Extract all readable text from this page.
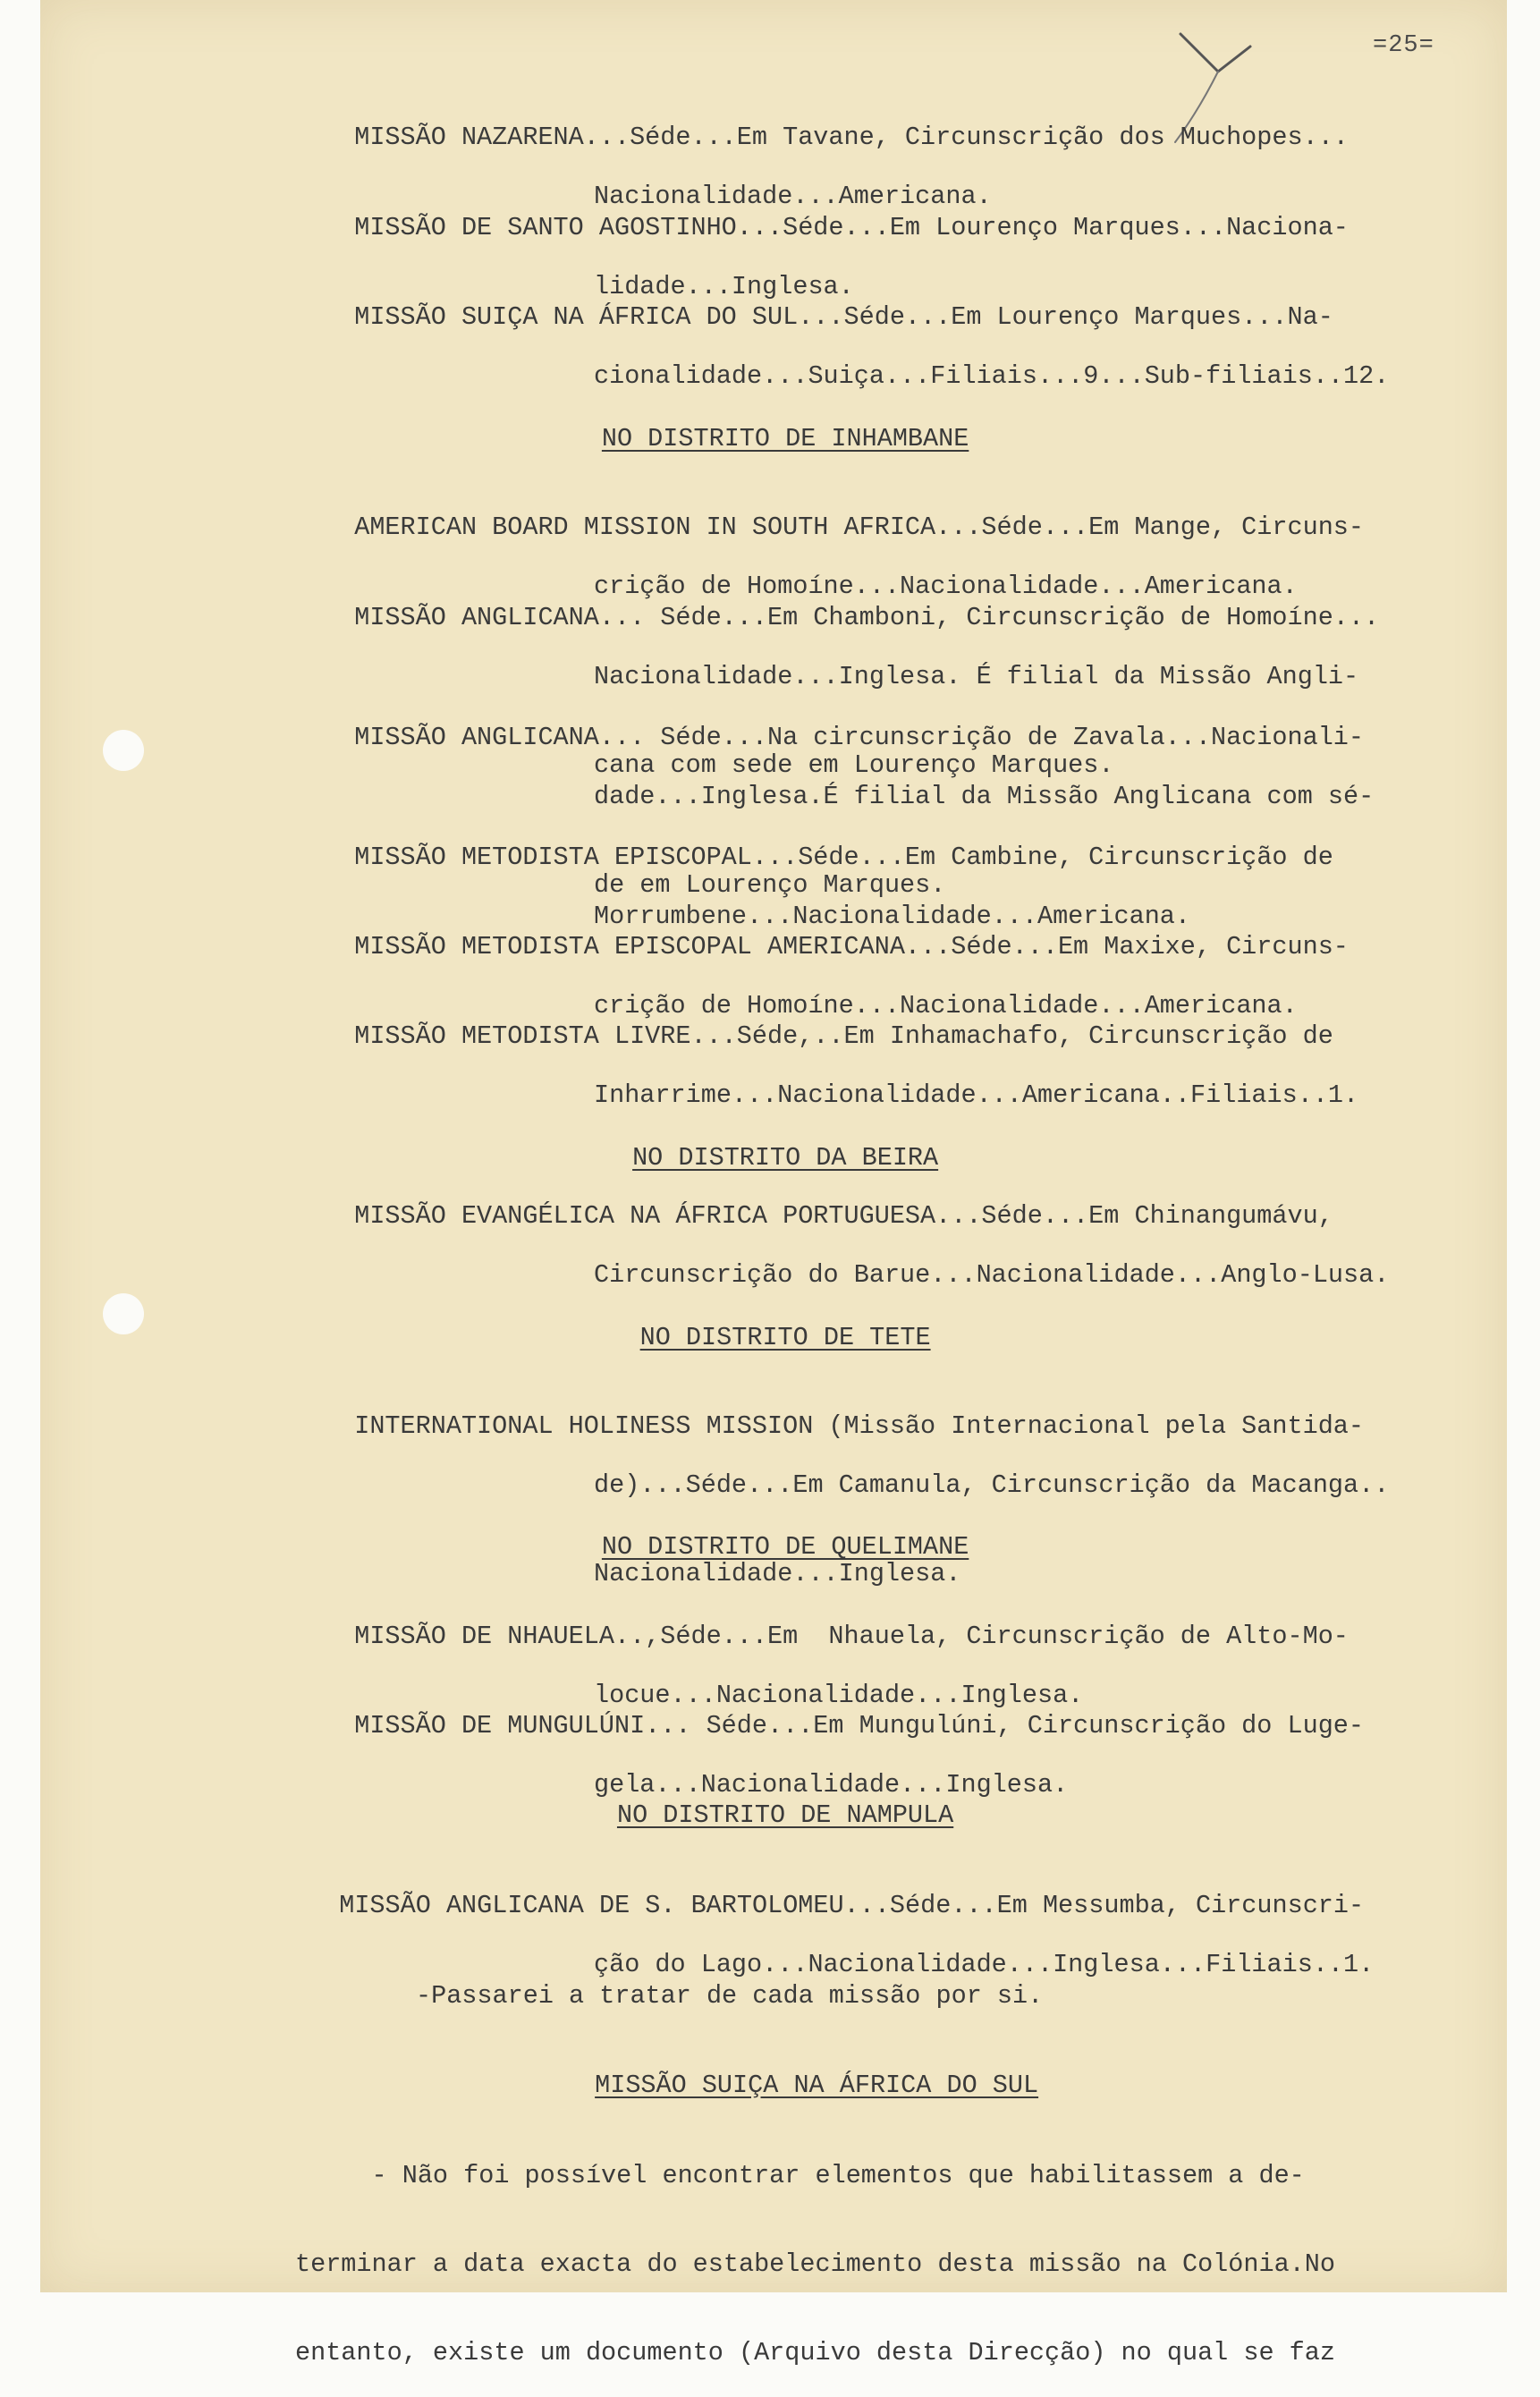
=25=

MISSÃO NAZARENA...Séde...Em Tavane, Circunscrição dos Muchopes...

Nacionalidade...Americana.

MISSÃO DE SANTO AGOSTINHO...Séde...Em Lourenço Marques...Naciona-

lidade...Inglesa.

MISSÃO SUIÇA NA ÁFRICA DO SUL...Séde...Em Lourenço Marques...Na-

cionalidade...Suiça...Filiais...9...Sub-filiais..12.

NO DISTRITO DE INHAMBANE

AMERICAN BOARD MISSION IN SOUTH AFRICA...Séde...Em Mange, Circuns-

crição de Homoíne...Nacionalidade...Americana.

MISSÃO ANGLICANA... Séde...Em Chamboni, Circunscrição de Homoíne...

Nacionalidade...Inglesa. É filial da Missão Angli-

cana com sede em Lourenço Marques.

MISSÃO ANGLICANA... Séde...Na circunscrição de Zavala...Nacionali-

dade...Inglesa.É filial da Missão Anglicana com sé-

de em Lourenço Marques.

MISSÃO METODISTA EPISCOPAL...Séde...Em Cambine, Circunscrição de

Morrumbene...Nacionalidade...Americana.

MISSÃO METODISTA EPISCOPAL AMERICANA...Séde...Em Maxixe, Circuns-

crição de Homoíne...Nacionalidade...Americana.

MISSÃO METODISTA LIVRE...Séde,..Em Inhamachafo, Circunscrição de

Inharrime...Nacionalidade...Americana..Filiais..1.

NO DISTRITO DA BEIRA

MISSÃO EVANGÉLICA NA ÁFRICA PORTUGUESA...Séde...Em Chinangumávu,

Circunscrição do Barue...Nacionalidade...Anglo-Lusa.

NO DISTRITO DE TETE

INTERNATIONAL HOLINESS MISSION (Missão Internacional pela Santida-

de)...Séde...Em Camanula, Circunscrição da Macanga..

Nacionalidade...Inglesa.

NO DISTRITO DE QUELIMANE

MISSÃO DE NHAUELA..,Séde...Em  Nhauela, Circunscrição de Alto-Mo-

locue...Nacionalidade...Inglesa.

MISSÃO DE MUNGULÚNI... Séde...Em Mungulúni, Circunscrição do Luge-

gela...Nacionalidade...Inglesa.

NO DISTRITO DE NAMPULA

MISSÃO ANGLICANA DE S. BARTOLOMEU...Séde...Em Messumba, Circunscri-

ção do Lago...Nacionalidade...Inglesa...Filiais..1.

-Passarei a tratar de cada missão por si.

MISSÃO SUIÇA NA ÁFRICA DO SUL

- Não foi possível encontrar elementos que habilitassem a de-

terminar a data exacta do estabelecimento desta missão na Colónia.No

entanto, existe um documento (Arquivo desta Direcção) no qual se faz
